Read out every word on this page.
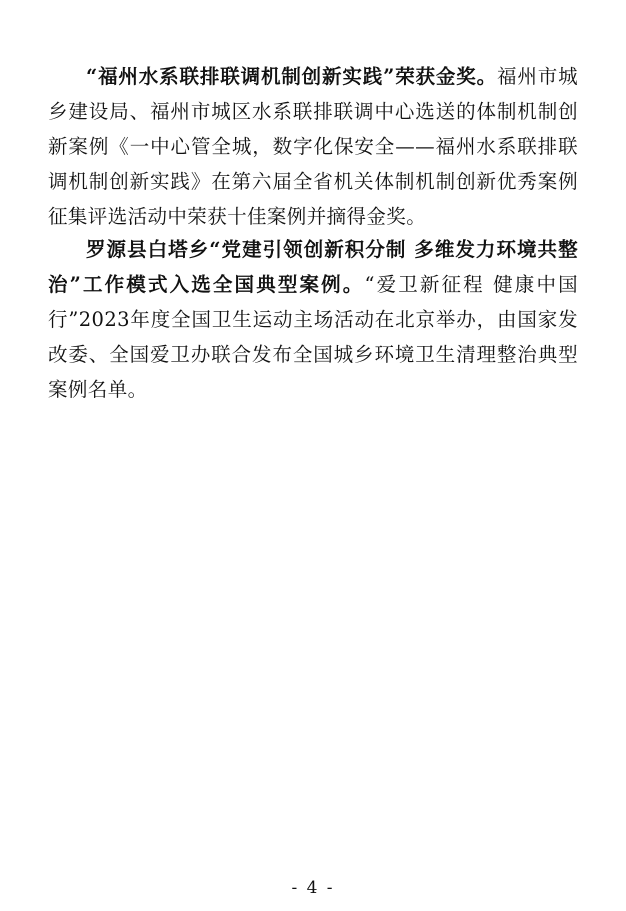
“福州水系联排联调机制创新实践”荣获金奖。福州市城乡建设局、福州市城区水系联排联调中心选送的体制机制创新案例《一中心管全城，数字化保安全——福州水系联排联调机制创新实践》在第六届全省机关体制机制创新优秀案例征集评选活动中荣获十佳案例并摘得金奖。

罗源县白塔乡“党建引领创新积分制 多维发力环境共整治”工作模式入选全国典型案例。“爱卫新征程 健康中国行”2023年度全国卫生运动主场活动在北京举办，由国家发改委、全国爱卫办联合发布全国城乡环境卫生清理整治典型案例名单。

- 4 -
